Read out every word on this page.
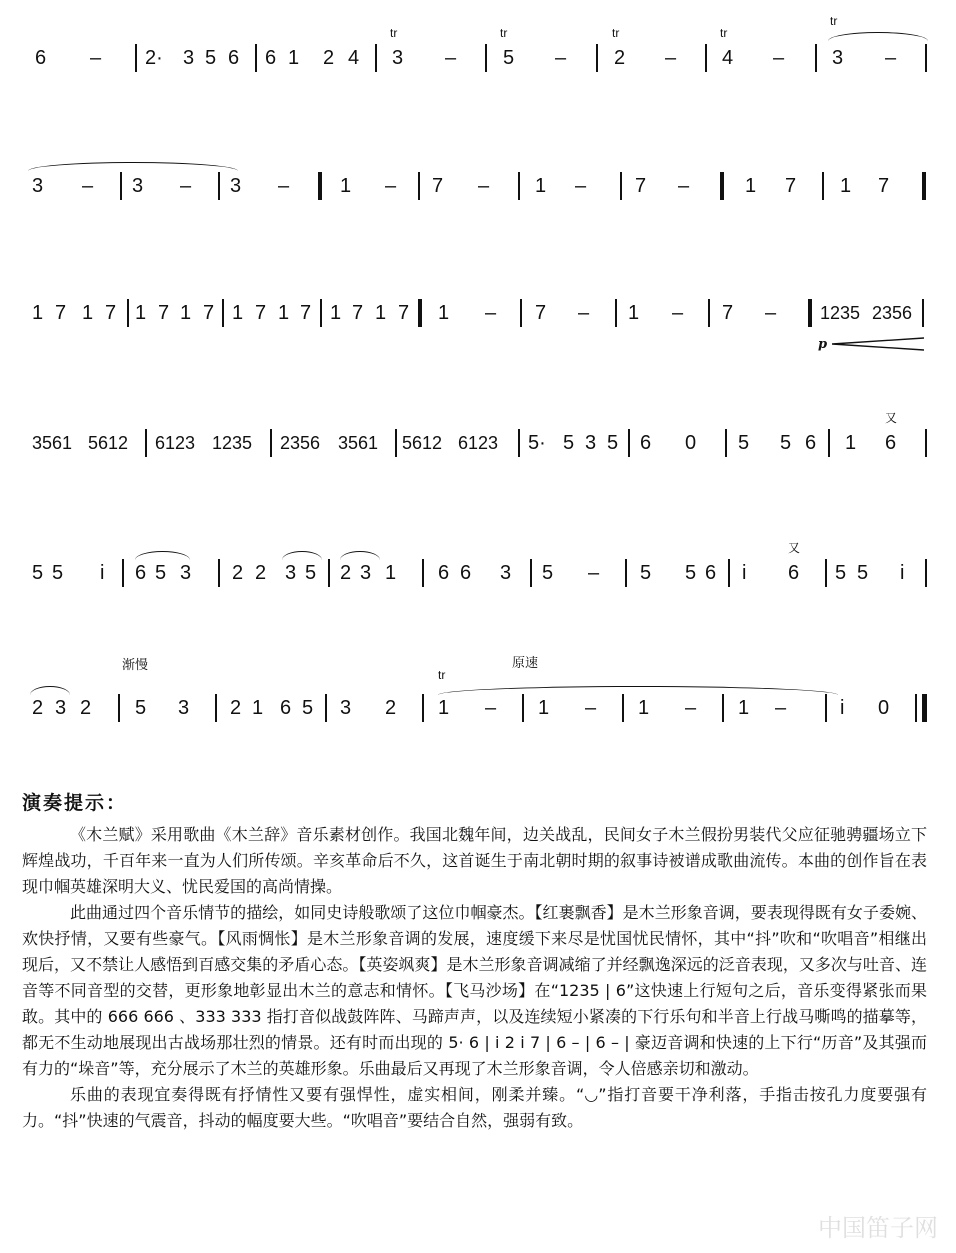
6 – 2· 3 5 6 6 1 2 4
tr
3 –
tr
5 –
tr
2 –
tr
4 –
tr
3 –
3 – 3 – 3 –	1 – 7 – 1 – 7 –	1 7 1 7
1 7 1 7 1 7 1 7 1 7 1 7 1 7 1 7 1 – 7 – 1 – 7 – 1235 2356
p
3561 5612 6123 1235 2356 3561 5612 6123 5· 5 3 5 6 0 5 5 6 1
又
6
5 5 i 6 5 3 2 2 3 5 2 3 1 6 6 3 5 – 5 5 6 i
又
6 5 5 i
2 3 2
渐慢
5 3 2 1 6 5 3 2
tr
原速
1 – 1 – 1 – 1 –	i 0
演奏提示：

《木兰赋》采用歌曲《木兰辞》音乐素材创作。我国北魏年间，边关战乱，民间女子木兰假扮男装代父应征驰骋疆场立下辉煌战功，千百年来一直为人们所传颂。辛亥革命后不久，这首诞生于南北朝时期的叙事诗被谱成歌曲流传。本曲的创作旨在表现巾帼英雄深明大义、忧民爱国的高尚情操。

此曲通过四个音乐情节的描绘，如同史诗般歌颂了这位巾帼豪杰。【红裹飘香】是木兰形象音调，要表现得既有女子委婉、欢快抒情，又要有些豪气。【风雨惆怅】是木兰形象音调的发展，速度缓下来尽是忧国忧民情怀，其中“抖”吹和“吹唱音”相继出现后，又不禁让人感悟到百感交集的矛盾心态。【英姿飒爽】是木兰形象音调减缩了并经飘逸深远的泛音表现，又多次与吐音、连音等不同音型的交替，更形象地彰显出木兰的意志和情怀。【飞马沙场】在“1235 | 6”这快速上行短句之后，音乐变得紧张而果敢。其中的 666 666 、333 333 指打音似战鼓阵阵、马蹄声声，以及连续短小紧凑的下行乐句和半音上行战马嘶鸣的描摹等，都无不生动地展现出古战场那壮烈的情景。还有时而出现的 5· 6 | i 2 i 7 | 6 – | 6 – | 豪迈音调和快速的上下行“历音”及其强而有力的“垛音”等，充分展示了木兰的英雄形象。乐曲最后又再现了木兰形象音调，令人倍感亲切和激动。

乐曲的表现宜奏得既有抒情性又要有强悍性，虚实相间，刚柔并臻。“◡”指打音要干净利落，手指击按孔力度要强有力。“抖”快速的气震音，抖动的幅度要大些。“吹唱音”要结合自然，强弱有致。

中国笛子网
